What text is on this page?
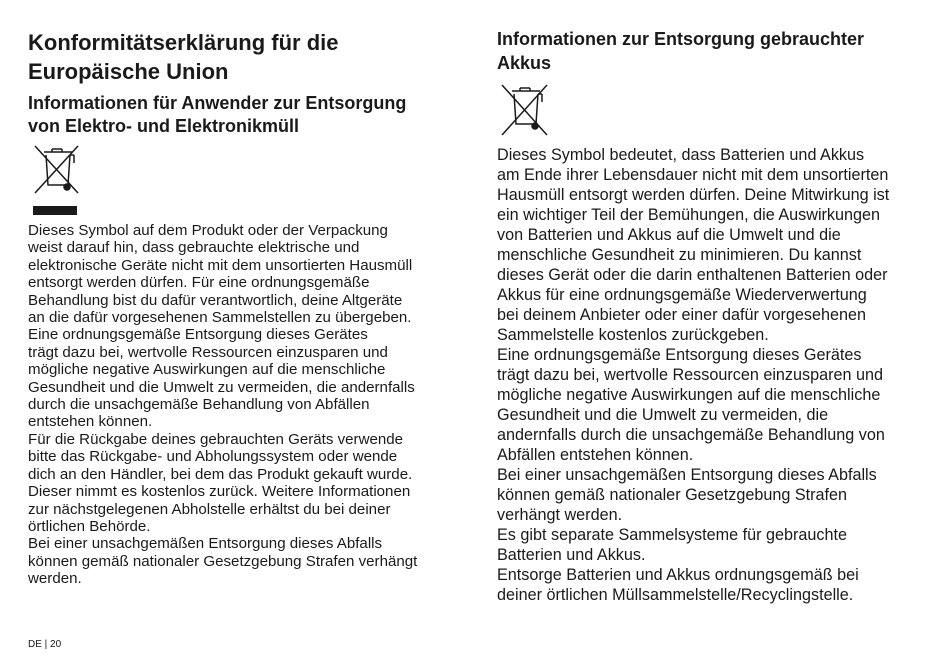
Konformitätserklärung für die
Europäische Union
Informationen für Anwender zur Entsorgung
von Elektro- und Elektronikmüll

Dieses Symbol auf dem Produkt oder der Verpackung
weist darauf hin, dass gebrauchte elektrische und
elektronische Geräte nicht mit dem unsortierten Hausmüll
entsorgt werden dürfen. Für eine ordnungsgemäße
Behandlung bist du dafür verantwortlich, deine Altgeräte
an die dafür vorgesehenen Sammelstellen zu übergeben.

Eine ordnungsgemäße Entsorgung dieses Gerätes
trägt dazu bei, wertvolle Ressourcen einzusparen und
mögliche negative Auswirkungen auf die menschliche
Gesundheit und die Umwelt zu vermeiden, die andernfalls
durch die unsachgemäße Behandlung von Abfällen
entstehen können.

Für die Rückgabe deines gebrauchten Geräts verwende
bitte das Rückgabe- und Abholungssystem oder wende
dich an den Händler, bei dem das Produkt gekauft wurde.
Dieser nimmt es kostenlos zurück. Weitere Informationen
zur nächstgelegenen Abholstelle erhältst du bei deiner
örtlichen Behörde.

Bei einer unsachgemäßen Entsorgung dieses Abfalls
können gemäß nationaler Gesetzgebung Strafen verhängt
werden.

Informationen zur Entsorgung gebrauchter
Akkus

Dieses Symbol bedeutet, dass Batterien und Akkus
am Ende ihrer Lebensdauer nicht mit dem unsortierten
Hausmüll entsorgt werden dürfen. Deine Mitwirkung ist
ein wichtiger Teil der Bemühungen, die Auswirkungen
von Batterien und Akkus auf die Umwelt und die
menschliche Gesundheit zu minimieren. Du kannst
dieses Gerät oder die darin enthaltenen Batterien oder
Akkus für eine ordnungsgemäße Wiederverwertung
bei deinem Anbieter oder einer dafür vorgesehenen
Sammelstelle kostenlos zurückgeben.

Eine ordnungsgemäße Entsorgung dieses Gerätes
trägt dazu bei, wertvolle Ressourcen einzusparen und
mögliche negative Auswirkungen auf die menschliche
Gesundheit und die Umwelt zu vermeiden, die
andernfalls durch die unsachgemäße Behandlung von
Abfällen entstehen können.

Bei einer unsachgemäßen Entsorgung dieses Abfalls
können gemäß nationaler Gesetzgebung Strafen
verhängt werden.

Es gibt separate Sammelsysteme für gebrauchte
Batterien und Akkus.

Entsorge Batterien und Akkus ordnungsgemäß bei
deiner örtlichen Müllsammelstelle/Recyclingstelle.

DE | 20
